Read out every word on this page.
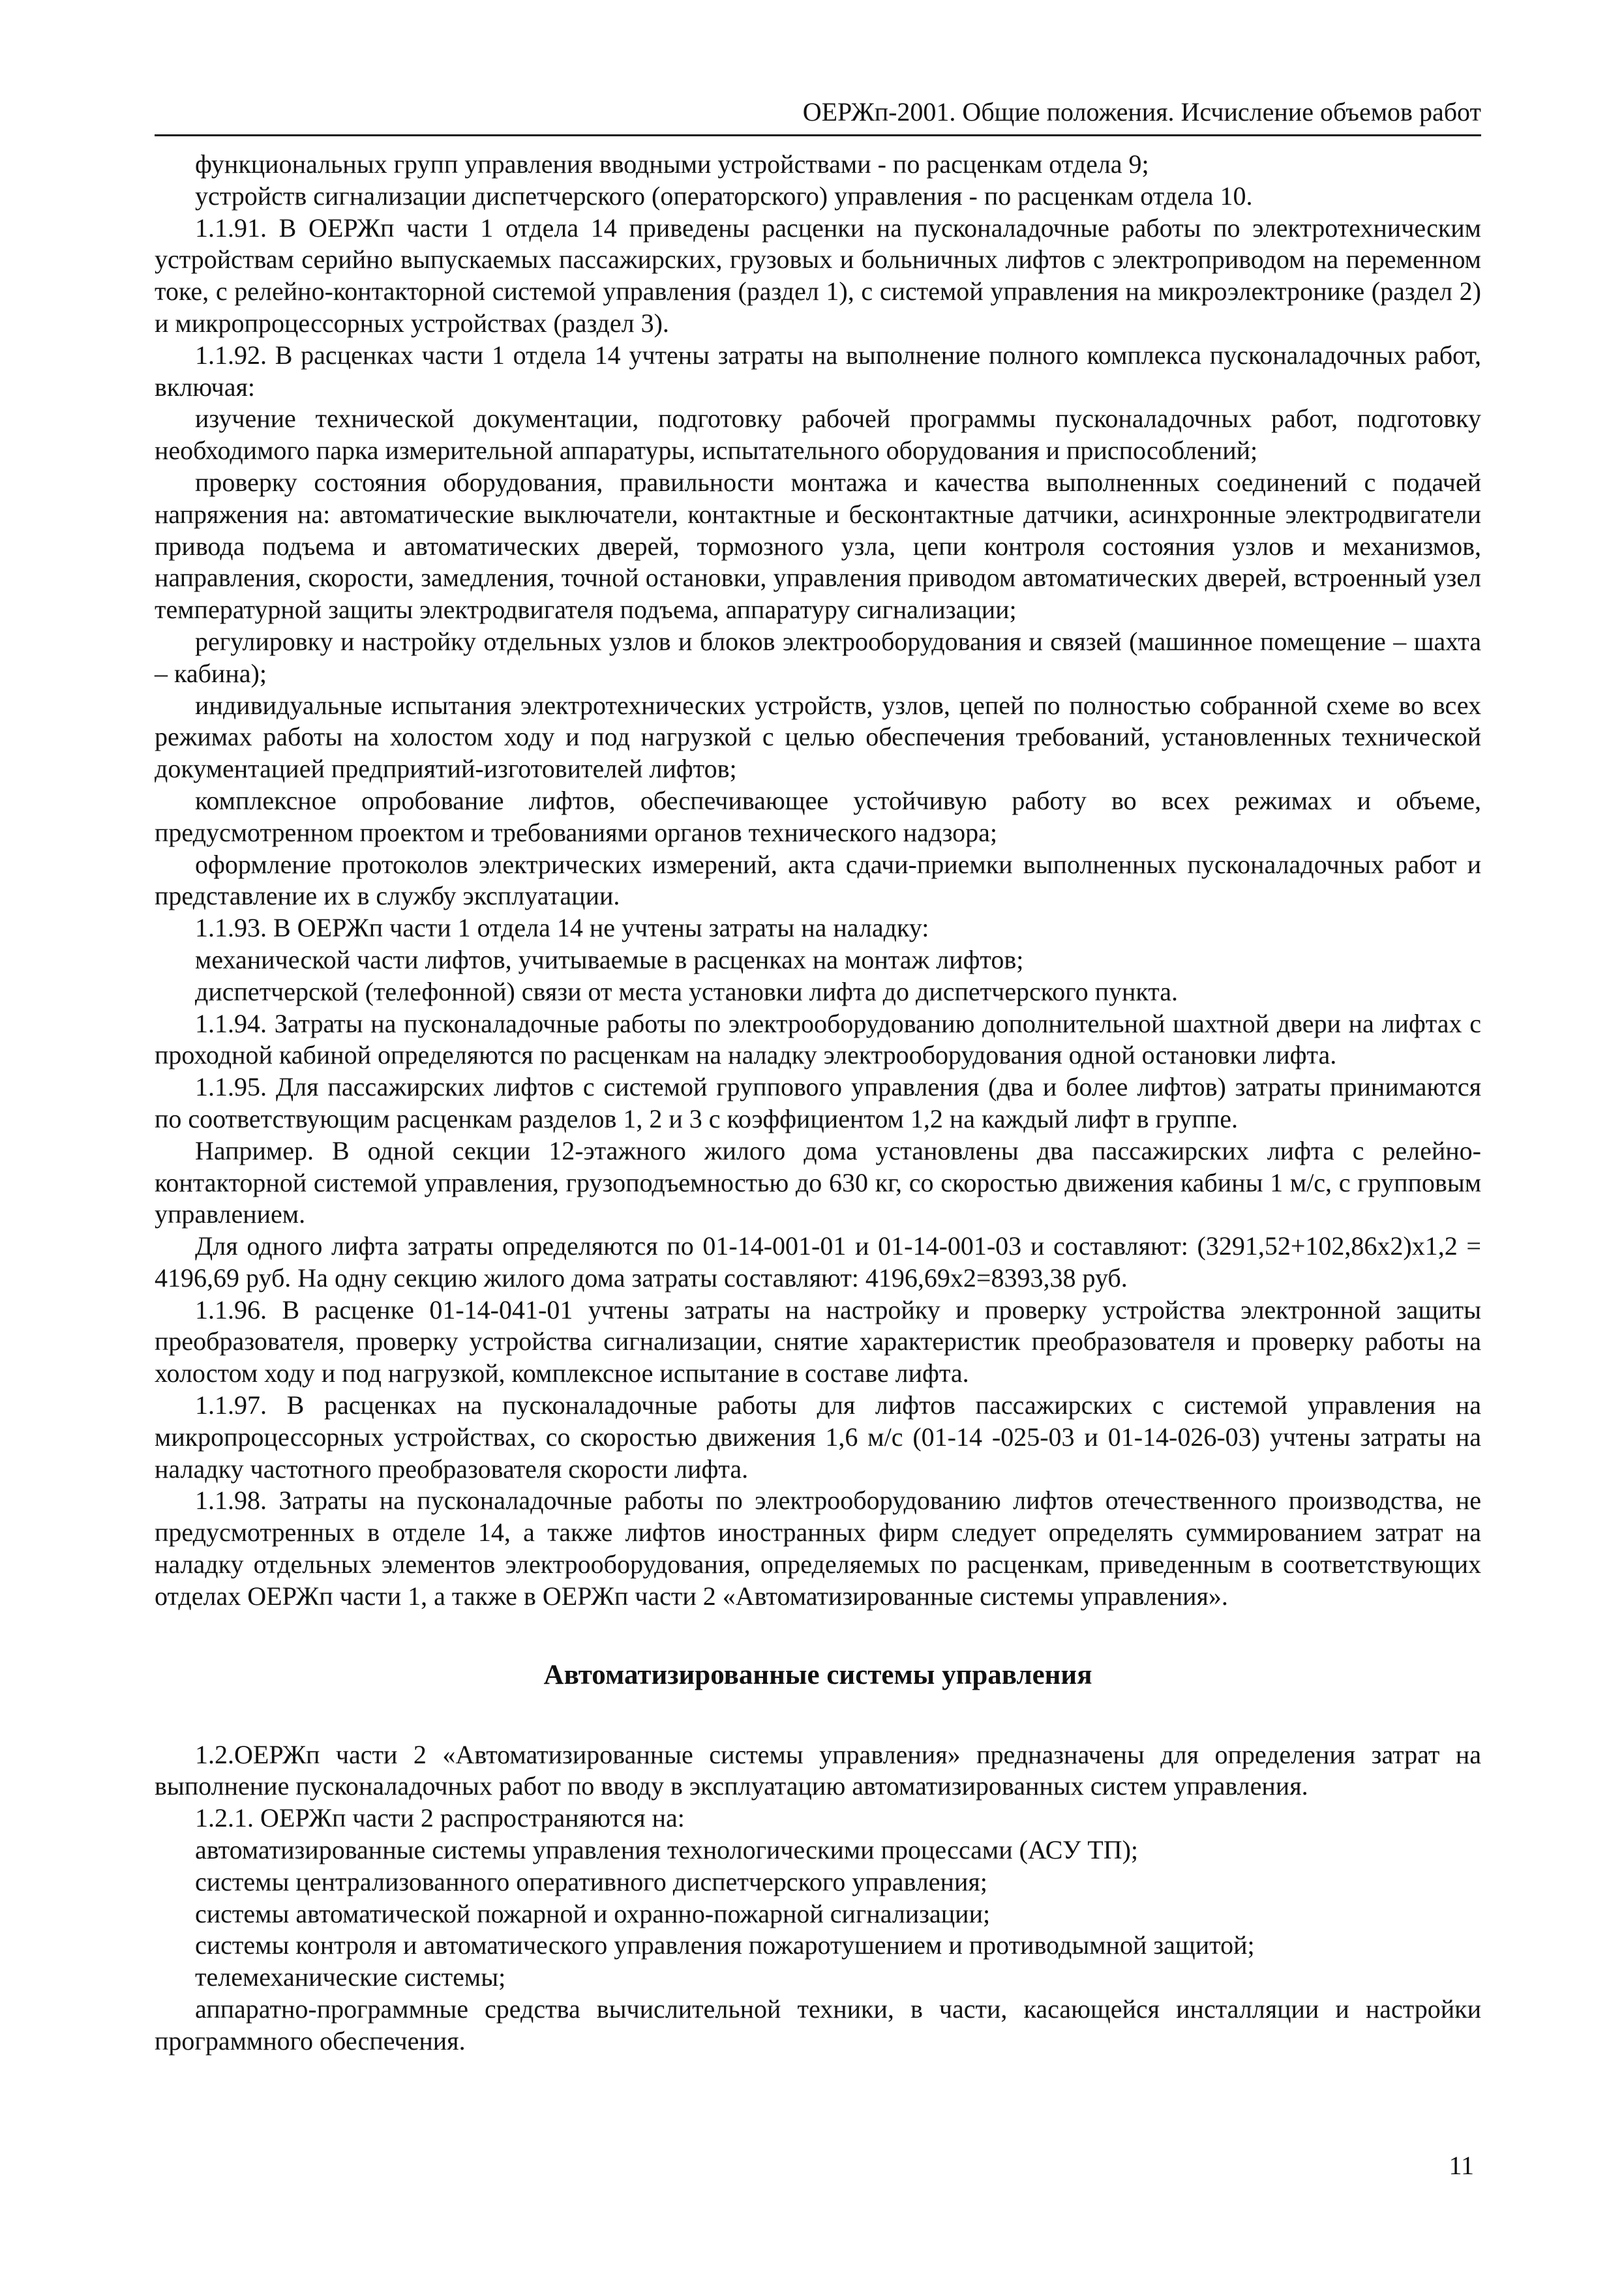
ОЕРЖп-2001. Общие положения. Исчисление объемов работ

функциональных групп управления вводными устройствами - по расценкам отдела 9;

устройств сигнализации диспетчерского (операторского) управления - по расценкам отдела 10.

1.1.91. В ОЕРЖп части 1 отдела 14 приведены расценки на пусконаладочные работы по электротехническим устройствам серийно выпускаемых пассажирских, грузовых и больничных лифтов с электроприводом на переменном токе, с релейно-контакторной системой управления (раздел 1), с системой управления на микроэлектронике (раздел 2) и микропроцессорных устройствах (раздел 3).

1.1.92. В расценках части 1 отдела 14 учтены затраты на выполнение полного комплекса пусконаладочных работ, включая:

изучение технической документации, подготовку рабочей программы пусконаладочных работ, подготовку необходимого парка измерительной аппаратуры, испытательного оборудования и приспособлений;

проверку состояния оборудования, правильности монтажа и качества выполненных соединений с подачей напряжения на: автоматические выключатели, контактные и бесконтактные датчики, асинхронные электродвигатели привода подъема и автоматических дверей, тормозного узла, цепи контроля состояния узлов и механизмов, направления, скорости, замедления, точной остановки, управления приводом автоматических дверей, встроенный узел температурной защиты электродвигателя подъема, аппаратуру сигнализации;

регулировку и настройку отдельных узлов и блоков электрооборудования и связей (машинное помещение – шахта – кабина);

индивидуальные испытания электротехнических устройств, узлов, цепей по полностью собранной схеме во всех режимах работы на холостом ходу и под нагрузкой с целью обеспечения требований, установленных технической документацией предприятий-изготовителей лифтов;

комплексное опробование лифтов, обеспечивающее устойчивую работу во всех режимах и объеме, предусмотренном проектом и требованиями органов технического надзора;

оформление протоколов электрических измерений, акта сдачи-приемки выполненных пусконаладочных работ и представление их в службу эксплуатации.

1.1.93. В ОЕРЖп части 1 отдела 14 не учтены затраты на наладку:

механической части лифтов, учитываемые в расценках на монтаж лифтов;

диспетчерской (телефонной) связи от места установки лифта до диспетчерского пункта.

1.1.94. Затраты на пусконаладочные работы по электрооборудованию дополнительной шахтной двери на лифтах с проходной кабиной определяются по расценкам на наладку электрооборудования одной остановки лифта.

1.1.95. Для пассажирских лифтов с системой группового управления (два и более лифтов) затраты принимаются по соответствующим расценкам разделов 1, 2 и 3 с коэффициентом 1,2 на каждый лифт в группе.

Например. В одной секции 12-этажного жилого дома установлены два пассажирских лифта с релейно-контакторной системой управления, грузоподъемностью до 630 кг, со скоростью движения кабины 1 м/с, с групповым управлением.

Для одного лифта затраты определяются по 01-14-001-01 и 01-14-001-03 и составляют: (3291,52+102,86х2)х1,2 = 4196,69 руб. На одну секцию жилого дома затраты составляют: 4196,69х2=8393,38 руб.

1.1.96. В расценке 01-14-041-01 учтены затраты на настройку и проверку устройства электронной защиты преобразователя, проверку устройства сигнализации, снятие характеристик преобразователя и проверку работы на холостом ходу и под нагрузкой, комплексное испытание в составе лифта.

1.1.97. В расценках на пусконаладочные работы для лифтов пассажирских с системой управления на микропроцессорных устройствах, со скоростью движения 1,6 м/с (01-14 -025-03 и 01-14-026-03) учтены затраты на наладку частотного преобразователя скорости лифта.

1.1.98. Затраты на пусконаладочные работы по электрооборудованию лифтов отечественного производства, не предусмотренных в отделе 14, а также лифтов иностранных фирм следует определять суммированием затрат на наладку отдельных элементов электрооборудования, определяемых по расценкам, приведенным в соответствующих отделах ОЕРЖп части 1, а также в ОЕРЖп части 2 «Автоматизированные системы управления».

Автоматизированные системы управления

1.2.ОЕРЖп части 2 «Автоматизированные системы управления» предназначены для определения затрат на выполнение пусконаладочных работ по вводу в эксплуатацию автоматизированных систем управления.

1.2.1. ОЕРЖп части 2 распространяются на:

автоматизированные системы управления технологическими процессами (АСУ ТП);

системы централизованного оперативного диспетчерского управления;

системы автоматической пожарной и охранно-пожарной сигнализации;

системы контроля и автоматического управления пожаротушением и противодымной защитой;

телемеханические системы;

аппаратно-программные средства вычислительной техники, в части, касающейся инсталляции и настройки программного обеспечения.

11
